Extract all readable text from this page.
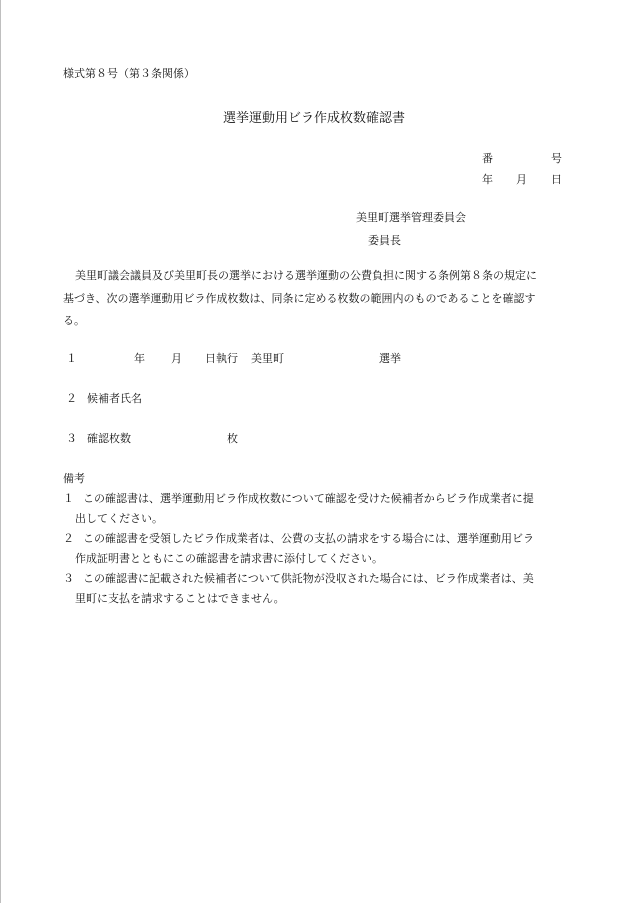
様式第８号（第３条関係）
選挙運動用ビラ作成枚数確認書
番	号
年 月 日
美里町選挙管理委員会
委員長
美里町議会議員及び美里町長の選挙における選挙運動の公費負担に関する条例第８条の規定に
基づき、次の選挙運動用ビラ作成枚数は、同条に定める枚数の範囲内のものであることを確認す
る。
１	年 月 日執行 美里町	選挙
２ 候補者氏名
３ 確認枚数	枚
備考
１ この確認書は、選挙運動用ビラ作成枚数について確認を受けた候補者からビラ作成業者に提
出してください。
２ この確認書を受領したビラ作成業者は、公費の支払の請求をする場合には、選挙運動用ビラ
作成証明書とともにこの確認書を請求書に添付してください。
３ この確認書に記載された候補者について供託物が没収された場合には、ビラ作成業者は、美
里町に支払を請求することはできません。
